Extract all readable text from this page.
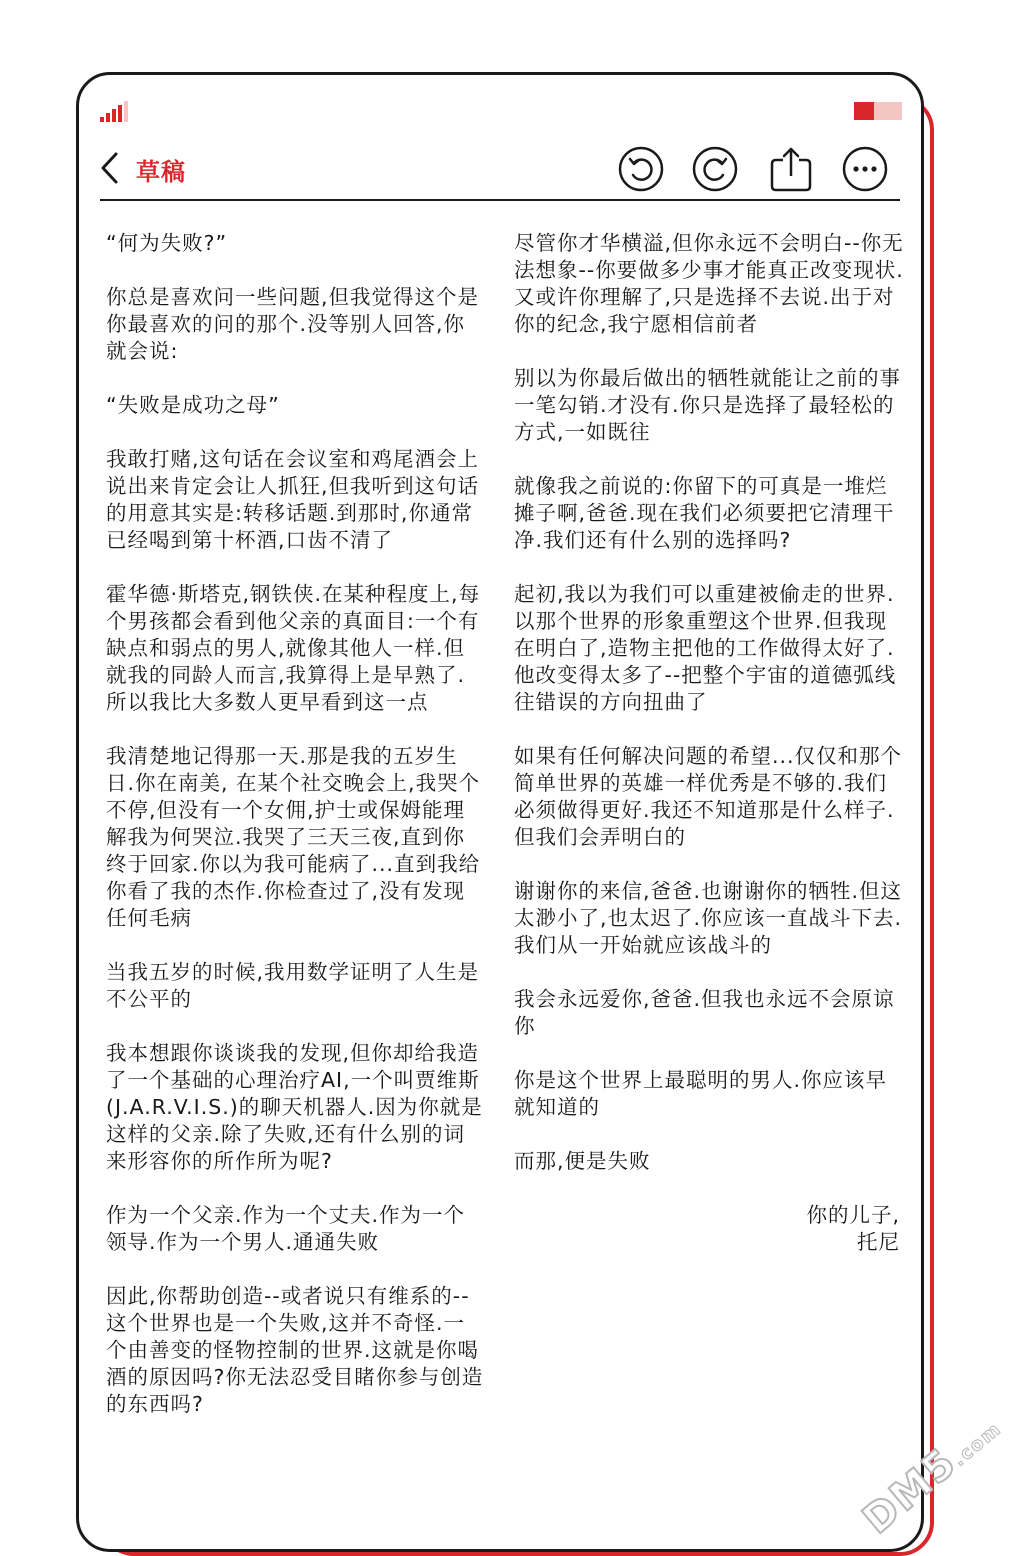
草稿

“何为失败?”

你总是喜欢问一些问题,但我觉得这个是你最喜欢的问的那个.没等别人回答,你就会说:

“失败是成功之母”

我敢打赌,这句话在会议室和鸡尾酒会上说出来肯定会让人抓狂,但我听到这句话的用意其实是:转移话题.到那时,你通常已经喝到第十杯酒,口齿不清了

霍华德·斯塔克,钢铁侠.在某种程度上,每个男孩都会看到他父亲的真面目:一个有缺点和弱点的男人,就像其他人一样.但就我的同龄人而言,我算得上是早熟了.所以我比大多数人更早看到这一点

我清楚地记得那一天.那是我的五岁生日.你在南美, 在某个社交晚会上,我哭个不停,但没有一个女佣,护士或保姆能理解我为何哭泣.我哭了三天三夜,直到你终于回家.你以为我可能病了...直到我给你看了我的杰作.你检查过了,没有发现任何毛病

当我五岁的时候,我用数学证明了人生是不公平的

我本想跟你谈谈我的发现,但你却给我造了一个基础的心理治疗AI,一个叫贾维斯(J.A.R.V.I.S.)的聊天机器人.因为你就是这样的父亲.除了失败,还有什么别的词来形容你的所作所为呢?

作为一个父亲.作为一个丈夫.作为一个领导.作为一个男人.通通失败

因此,你帮助创造--或者说只有维系的--这个世界也是一个失败,这并不奇怪.一个由善变的怪物控制的世界.这就是你喝酒的原因吗?你无法忍受目睹你参与创造的东西吗?

尽管你才华横溢,但你永远不会明白--你无法想象--你要做多少事才能真正改变现状.又或许你理解了,只是选择不去说.出于对你的纪念,我宁愿相信前者

别以为你最后做出的牺牲就能让之前的事一笔勾销.才没有.你只是选择了最轻松的方式,一如既往

就像我之前说的:你留下的可真是一堆烂摊子啊,爸爸.现在我们必须要把它清理干净.我们还有什么别的选择吗?

起初,我以为我们可以重建被偷走的世界.以那个世界的形象重塑这个世界.但我现在明白了,造物主把他的工作做得太好了.他改变得太多了--把整个宇宙的道德弧线往错误的方向扭曲了

如果有任何解决问题的希望...仅仅和那个简单世界的英雄一样优秀是不够的.我们必须做得更好.我还不知道那是什么样子.但我们会弄明白的

谢谢你的来信,爸爸.也谢谢你的牺牲.但这太渺小了,也太迟了.你应该一直战斗下去.我们从一开始就应该战斗的

我会永远爱你,爸爸.但我也永远不会原谅你

你是这个世界上最聪明的男人.你应该早就知道的

而那,便是失败

你的儿子,
托尼
DM5.com
